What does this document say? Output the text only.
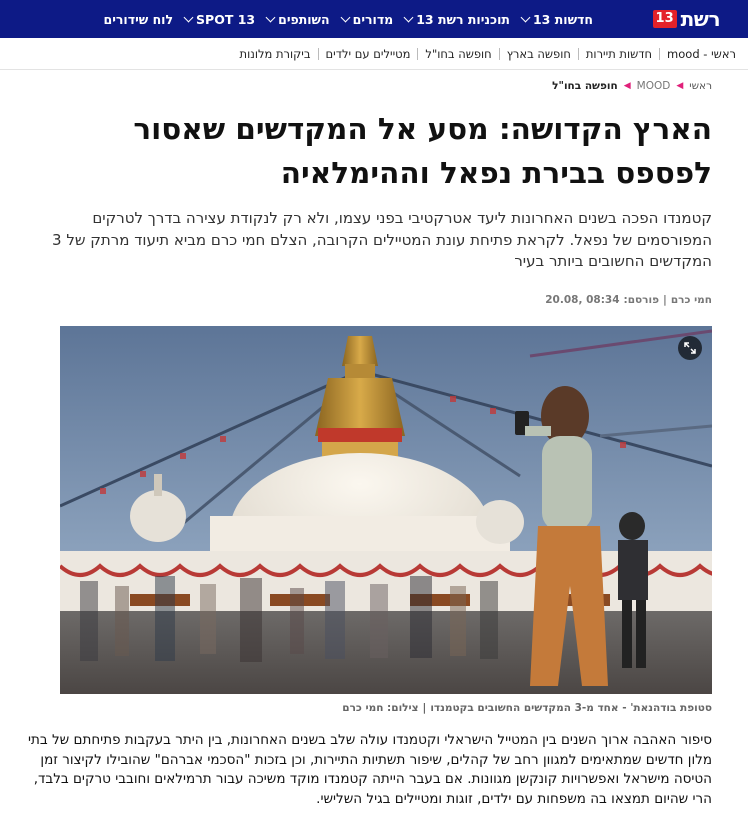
רשת
13
חדשות 13
תוכניות רשת 13
מדורים
השותפים
SPOT 13
לוח שידורים
mood - ראשי
חדשות תיירות
חופשה בארץ
חופשה בחו"ל
מטיילים עם ילדים
ביקורת מלונות
ראשי
◀
MOOD
◀
חופשה בחו"ל
הארץ הקדושה: מסע אל המקדשים שאסור לפספס בבירת נפאל וההימלאיה

קטמנדו הפכה בשנים האחרונות ליעד אטרקטיבי בפני עצמו, ולא רק לנקודת עצירה בדרך לטרקים המפורסמים של נפאל. לקראת פתיחת עונת המטיילים הקרובה, הצלם חמי כרם מביא תיעוד מרתק של 3 המקדשים החשובים ביותר בעיר

חמי כרם
|
פורסם:
20.08, 08:34
סטופת בודהנאת' - אחד מ-3 המקדשים החשובים בקטמנדו
|
צילום: חמי כרם

סיפור האהבה ארוך השנים בין המטייל הישראלי וקטמנדו עולה שלב בשנים האחרונות, בין היתר בעקבות פתיחתם של בתי מלון חדשים שמתאימים למגוון רחב של קהלים, שיפור תשתיות התיירות, וכן בזכות "הסכמי אברהם" שהובילו לקיצור זמן הטיסה מישראל ואפשרויות קונקשן מגוונות. אם בעבר הייתה קטמנדו מוקד משיכה עבור תרמילאים וחובבי טרקים בלבד, הרי שהיום תמצאו בה משפחות עם ילדים, זוגות ומטיילים בגיל השלישי.
